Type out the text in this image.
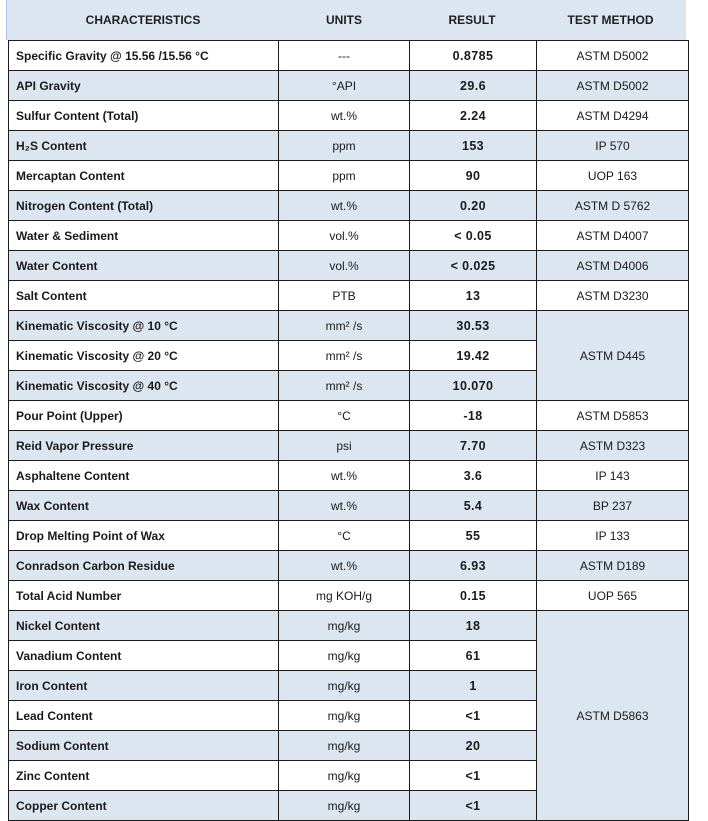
CHARACTERISTICS	UNITS	RESULT	TEST METHOD
Specific Gravity @ 15.56 /15.56 °C	---	0.8785	ASTM D5002
API Gravity	°API	29.6	ASTM D5002
Sulfur Content (Total)	wt.%	2.24	ASTM D4294
H₂S Content	ppm	153	IP 570
Mercaptan Content	ppm	90	UOP 163
Nitrogen Content (Total)	wt.%	0.20	ASTM D 5762
Water & Sediment	vol.%	< 0.05	ASTM D4007
Water Content	vol.%	< 0.025	ASTM D4006
Salt Content	PTB	13	ASTM D3230
Kinematic Viscosity @ 10 °C	mm² /s	30.53	ASTM D445
Kinematic Viscosity @ 20 °C	mm² /s	19.42	
Kinematic Viscosity @ 40 °C	mm² /s	10.070	
Pour Point (Upper)	°C	-18	ASTM D5853
Reid Vapor Pressure	psi	7.70	ASTM D323
Asphaltene Content	wt.%	3.6	IP 143
Wax Content	wt.%	5.4	BP 237
Drop Melting Point of Wax	°C	55	IP 133
Conradson Carbon Residue	wt.%	6.93	ASTM D189
Total Acid Number	mg KOH/g	0.15	UOP 565
Nickel Content	mg/kg	18	ASTM D5863
Vanadium Content	mg/kg	61	
Iron Content	mg/kg	1	
Lead Content	mg/kg	<1	
Sodium Content	mg/kg	20	
Zinc Content	mg/kg	<1	
Copper Content	mg/kg	<1	
